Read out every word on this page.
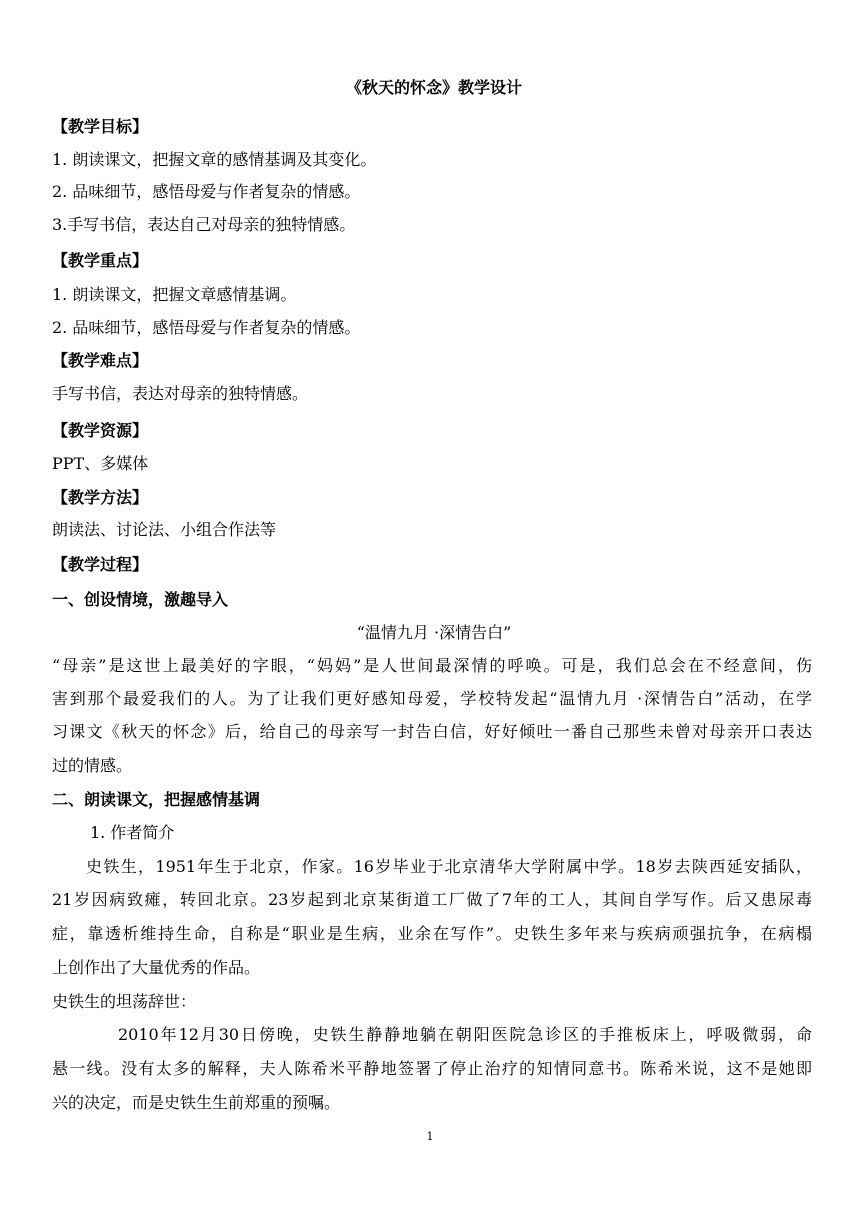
《秋天的怀念》教学设计
【教学目标】
1. 朗读课文，把握文章的感情基调及其变化。
2. 品味细节，感悟母爱与作者复杂的情感。
3.手写书信，表达自己对母亲的独特情感。
【教学重点】
1. 朗读课文，把握文章感情基调。
2. 品味细节，感悟母爱与作者复杂的情感。
【教学难点】
手写书信，表达对母亲的独特情感。
【教学资源】
PPT、多媒体
【教学方法】
朗读法、讨论法、小组合作法等
【教学过程】
一、创设情境，激趣导入
“温情九月 ·深情告白”
“母亲”是这世上最美好的字眼，“妈妈”是人世间最深情的呼唤。可是，我们总会在不经意间，伤
害到那个最爱我们的人。为了让我们更好感知母爱，学校特发起“温情九月 ·深情告白”活动，在学
习课文《秋天的怀念》后，给自己的母亲写一封告白信，好好倾吐一番自己那些未曾对母亲开口表达
过的情感。
二、朗读课文，把握感情基调
1. 作者简介
史铁生，1951年生于北京，作家。16岁毕业于北京清华大学附属中学。18岁去陕西延安插队，
21岁因病致瘫，转回北京。23岁起到北京某街道工厂做了7年的工人，其间自学写作。后又患尿毒
症，靠透析维持生命，自称是“职业是生病，业余在写作”。史铁生多年来与疾病顽强抗争，在病榻
上创作出了大量优秀的作品。
史铁生的坦荡辞世：
2010年12月30日傍晚，史铁生静静地躺在朝阳医院急诊区的手推板床上，呼吸微弱，命
悬一线。没有太多的解释，夫人陈希米平静地签署了停止治疗的知情同意书。陈希米说，这不是她即
兴的决定，而是史铁生生前郑重的预嘱。
1
